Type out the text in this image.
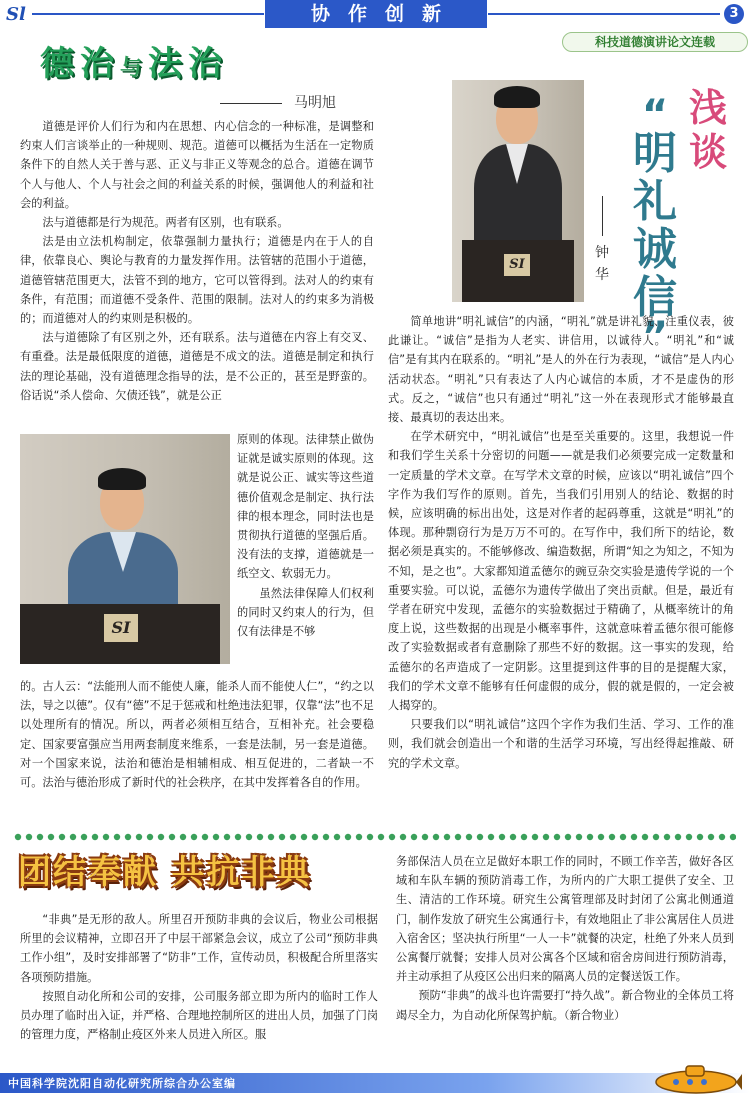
Sl	协作创新	3
科技道德演讲论文连载
德治与法治
马明旭

道德是评价人们行为和内在思想、内心信念的一种标准，是调整和约束人们言谈举止的一种规则、规范。道德可以概括为生活在一定物质条件下的自然人关于善与恶、正义与非正义等观念的总合。道德在调节个人与他人、个人与社会之间的利益关系的时候，强调他人的利益和社会的利益。

法与道德都是行为规范。两者有区别，也有联系。

法是由立法机构制定，依靠强制力量执行；道德是内在于人的自律，依靠良心、舆论与教育的力量发挥作用。法管辖的范围小于道德，道德管辖范围更大，法管不到的地方，它可以管得到。法对人的约束有条件，有范围；而道德不受条件、范围的限制。法对人的约束多为消极的；而道德对人的约束则是积极的。

法与道德除了有区别之外，还有联系。法与道德在内容上有交叉、有重叠。法是最低限度的道德，道德是不成文的法。道德是制定和执行法的理论基础，没有道德理念指导的法，是不公正的，甚至是野蛮的。俗话说“杀人偿命、欠债还钱”，就是公正

SI

原则的体现。法律禁止做伪证就是诚实原则的体现。这就是说公正、诚实等这些道德价值观念是制定、执行法律的根本理念，同时法也是贯彻执行道德的坚强后盾。没有法的支撑，道德就是一纸空文、软弱无力。

虽然法律保障人们权利的同时又约束人的行为，但仅有法律是不够

的。古人云：“法能刑人而不能使人廉，能杀人而不能使人仁”，“约之以法，导之以德”。仅有“德”不足于惩戒和杜绝违法犯罪，仅靠“法”也不足以处理所有的情况。所以，两者必须相互结合，互相补充。社会要稳定、国家要富强应当用两套制度来维系，一套是法制，另一套是道德。对一个国家来说，法治和德治是相辅相成、相互促进的，二者缺一不可。法治与德治形成了新时代的社会秩序，在其中发挥着各自的作用。

SI
浅谈
“
明礼诚信
”
钟华

简单地讲“明礼诚信”的内涵，“明礼”就是讲礼貌、注重仪表，彼此谦让。“诚信”是指为人老实、讲信用，以诚待人。“明礼”和“诚信”是有其内在联系的。“明礼”是人的外在行为表现，“诚信”是人内心活动状态。“明礼”只有表达了人内心诚信的本质，才不是虚伪的形式。反之，“诚信”也只有通过“明礼”这一外在表现形式才能够最直接、最真切的表达出来。

在学术研究中，“明礼诚信”也是至关重要的。这里，我想说一件和我们学生关系十分密切的问题——就是我们必须要完成一定数量和一定质量的学术文章。在写学术文章的时候，应该以“明礼诚信”四个字作为我们写作的原则。首先，当我们引用别人的结论、数据的时候，应该明确的标出出处，这是对作者的起码尊重，这就是“明礼”的体现。那种剽窃行为是万万不可的。在写作中，我们所下的结论，数据必须是真实的。不能够修改、编造数据，所谓“知之为知之，不知为不知，是之也”。大家都知道孟德尔的豌豆杂交实验是遗传学说的一个重要实验。可以说，孟德尔为遗传学做出了突出贡献。但是，最近有学者在研究中发现，孟德尔的实验数据过于精确了，从概率统计的角度上说，这些数据的出现是小概率事件，这就意味着孟德尔很可能修改了实验数据或者有意删除了那些不好的数据。这一事实的发现，给孟德尔的名声造成了一定阴影。这里提到这件事的目的是提醒大家，我们的学术文章不能够有任何虚假的成分，假的就是假的，一定会被人揭穿的。

只要我们以“明礼诚信”这四个字作为我们生活、学习、工作的准则，我们就会创造出一个和谐的生活学习环境，写出经得起推敲、研究的学术文章。

团结奉献 共抗非典

“非典”是无形的敌人。所里召开预防非典的会议后，物业公司根据所里的会议精神，立即召开了中层干部紧急会议，成立了公司“预防非典工作小组”，及时安排部署了“防非”工作，宣传动员，积极配合所里落实各项预防措施。

按照自动化所和公司的安排，公司服务部立即为所内的临时工作人员办理了临时出入证，并严格、合理地控制所区的进出人员，加强了门岗的管理力度，严格制止疫区外来人员进入所区。服

务部保洁人员在立足做好本职工作的同时，不顾工作辛苦，做好各区域和车队车辆的预防消毒工作，为所内的广大职工提供了安全、卫生、清洁的工作环境。研究生公寓管理部及时封闭了公寓北侧通道门，制作发放了研究生公寓通行卡，有效地阻止了非公寓居住人员进入宿舍区；坚决执行所里“一人一卡”就餐的决定，杜绝了外来人员到公寓餐厅就餐；安排人员对公寓各个区域和宿舍房间进行预防消毒，并主动承担了从疫区公出归来的隔离人员的定餐送饭工作。

预防“非典”的战斗也许需要打“持久战”。新合物业的全体员工将竭尽全力，为自动化所保驾护航。（新合物业）

中国科学院沈阳自动化研究所综合办公室编
